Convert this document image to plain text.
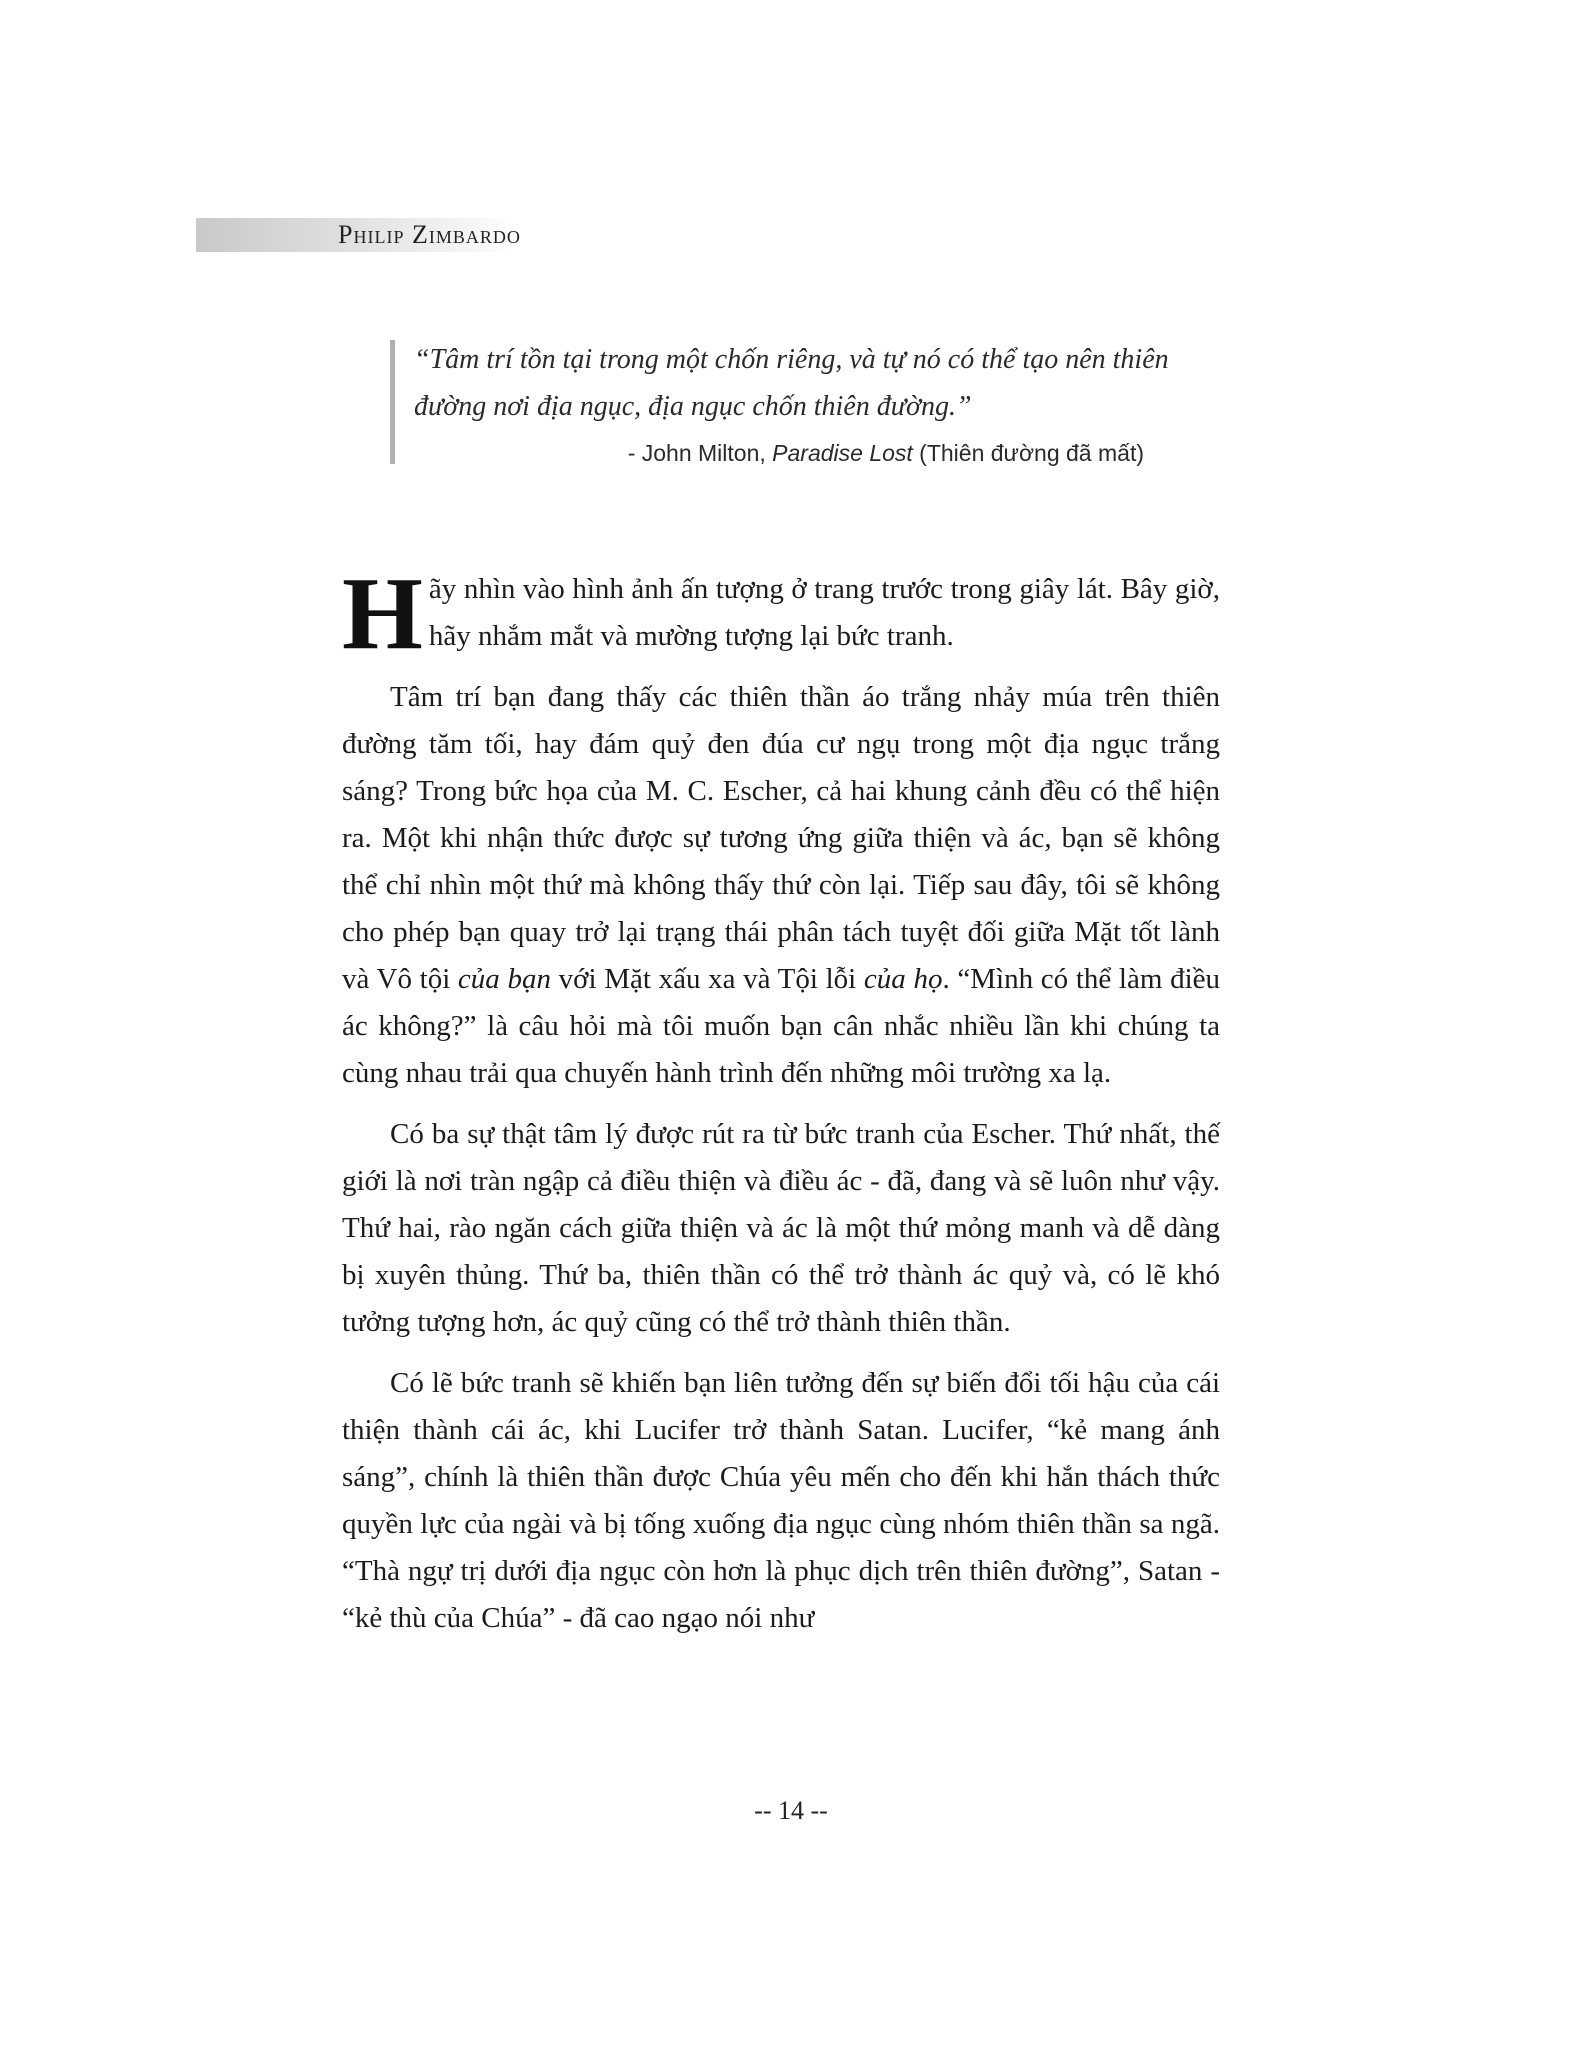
Philip Zimbardo
“Tâm trí tồn tại trong một chốn riêng, và tự nó có thể tạo nên thiên đường nơi địa ngục, địa ngục chốn thiên đường.”
- John Milton, Paradise Lost (Thiên đường đã mất)

Hãy nhìn vào hình ảnh ấn tượng ở trang trước trong giây lát. Bây giờ, hãy nhắm mắt và mường tượng lại bức tranh.

Tâm trí bạn đang thấy các thiên thần áo trắng nhảy múa trên thiên đường tăm tối, hay đám quỷ đen đúa cư ngụ trong một địa ngục trắng sáng? Trong bức họa của M. C. Escher, cả hai khung cảnh đều có thể hiện ra. Một khi nhận thức được sự tương ứng giữa thiện và ác, bạn sẽ không thể chỉ nhìn một thứ mà không thấy thứ còn lại. Tiếp sau đây, tôi sẽ không cho phép bạn quay trở lại trạng thái phân tách tuyệt đối giữa Mặt tốt lành và Vô tội của bạn với Mặt xấu xa và Tội lỗi của họ. “Mình có thể làm điều ác không?” là câu hỏi mà tôi muốn bạn cân nhắc nhiều lần khi chúng ta cùng nhau trải qua chuyến hành trình đến những môi trường xa lạ.

Có ba sự thật tâm lý được rút ra từ bức tranh của Escher. Thứ nhất, thế giới là nơi tràn ngập cả điều thiện và điều ác - đã, đang và sẽ luôn như vậy. Thứ hai, rào ngăn cách giữa thiện và ác là một thứ mỏng manh và dễ dàng bị xuyên thủng. Thứ ba, thiên thần có thể trở thành ác quỷ và, có lẽ khó tưởng tượng hơn, ác quỷ cũng có thể trở thành thiên thần.

Có lẽ bức tranh sẽ khiến bạn liên tưởng đến sự biến đổi tối hậu của cái thiện thành cái ác, khi Lucifer trở thành Satan. Lucifer, “kẻ mang ánh sáng”, chính là thiên thần được Chúa yêu mến cho đến khi hắn thách thức quyền lực của ngài và bị tống xuống địa ngục cùng nhóm thiên thần sa ngã. “Thà ngự trị dưới địa ngục còn hơn là phục dịch trên thiên đường”, Satan - “kẻ thù của Chúa” - đã cao ngạo nói như

-- 14 --
